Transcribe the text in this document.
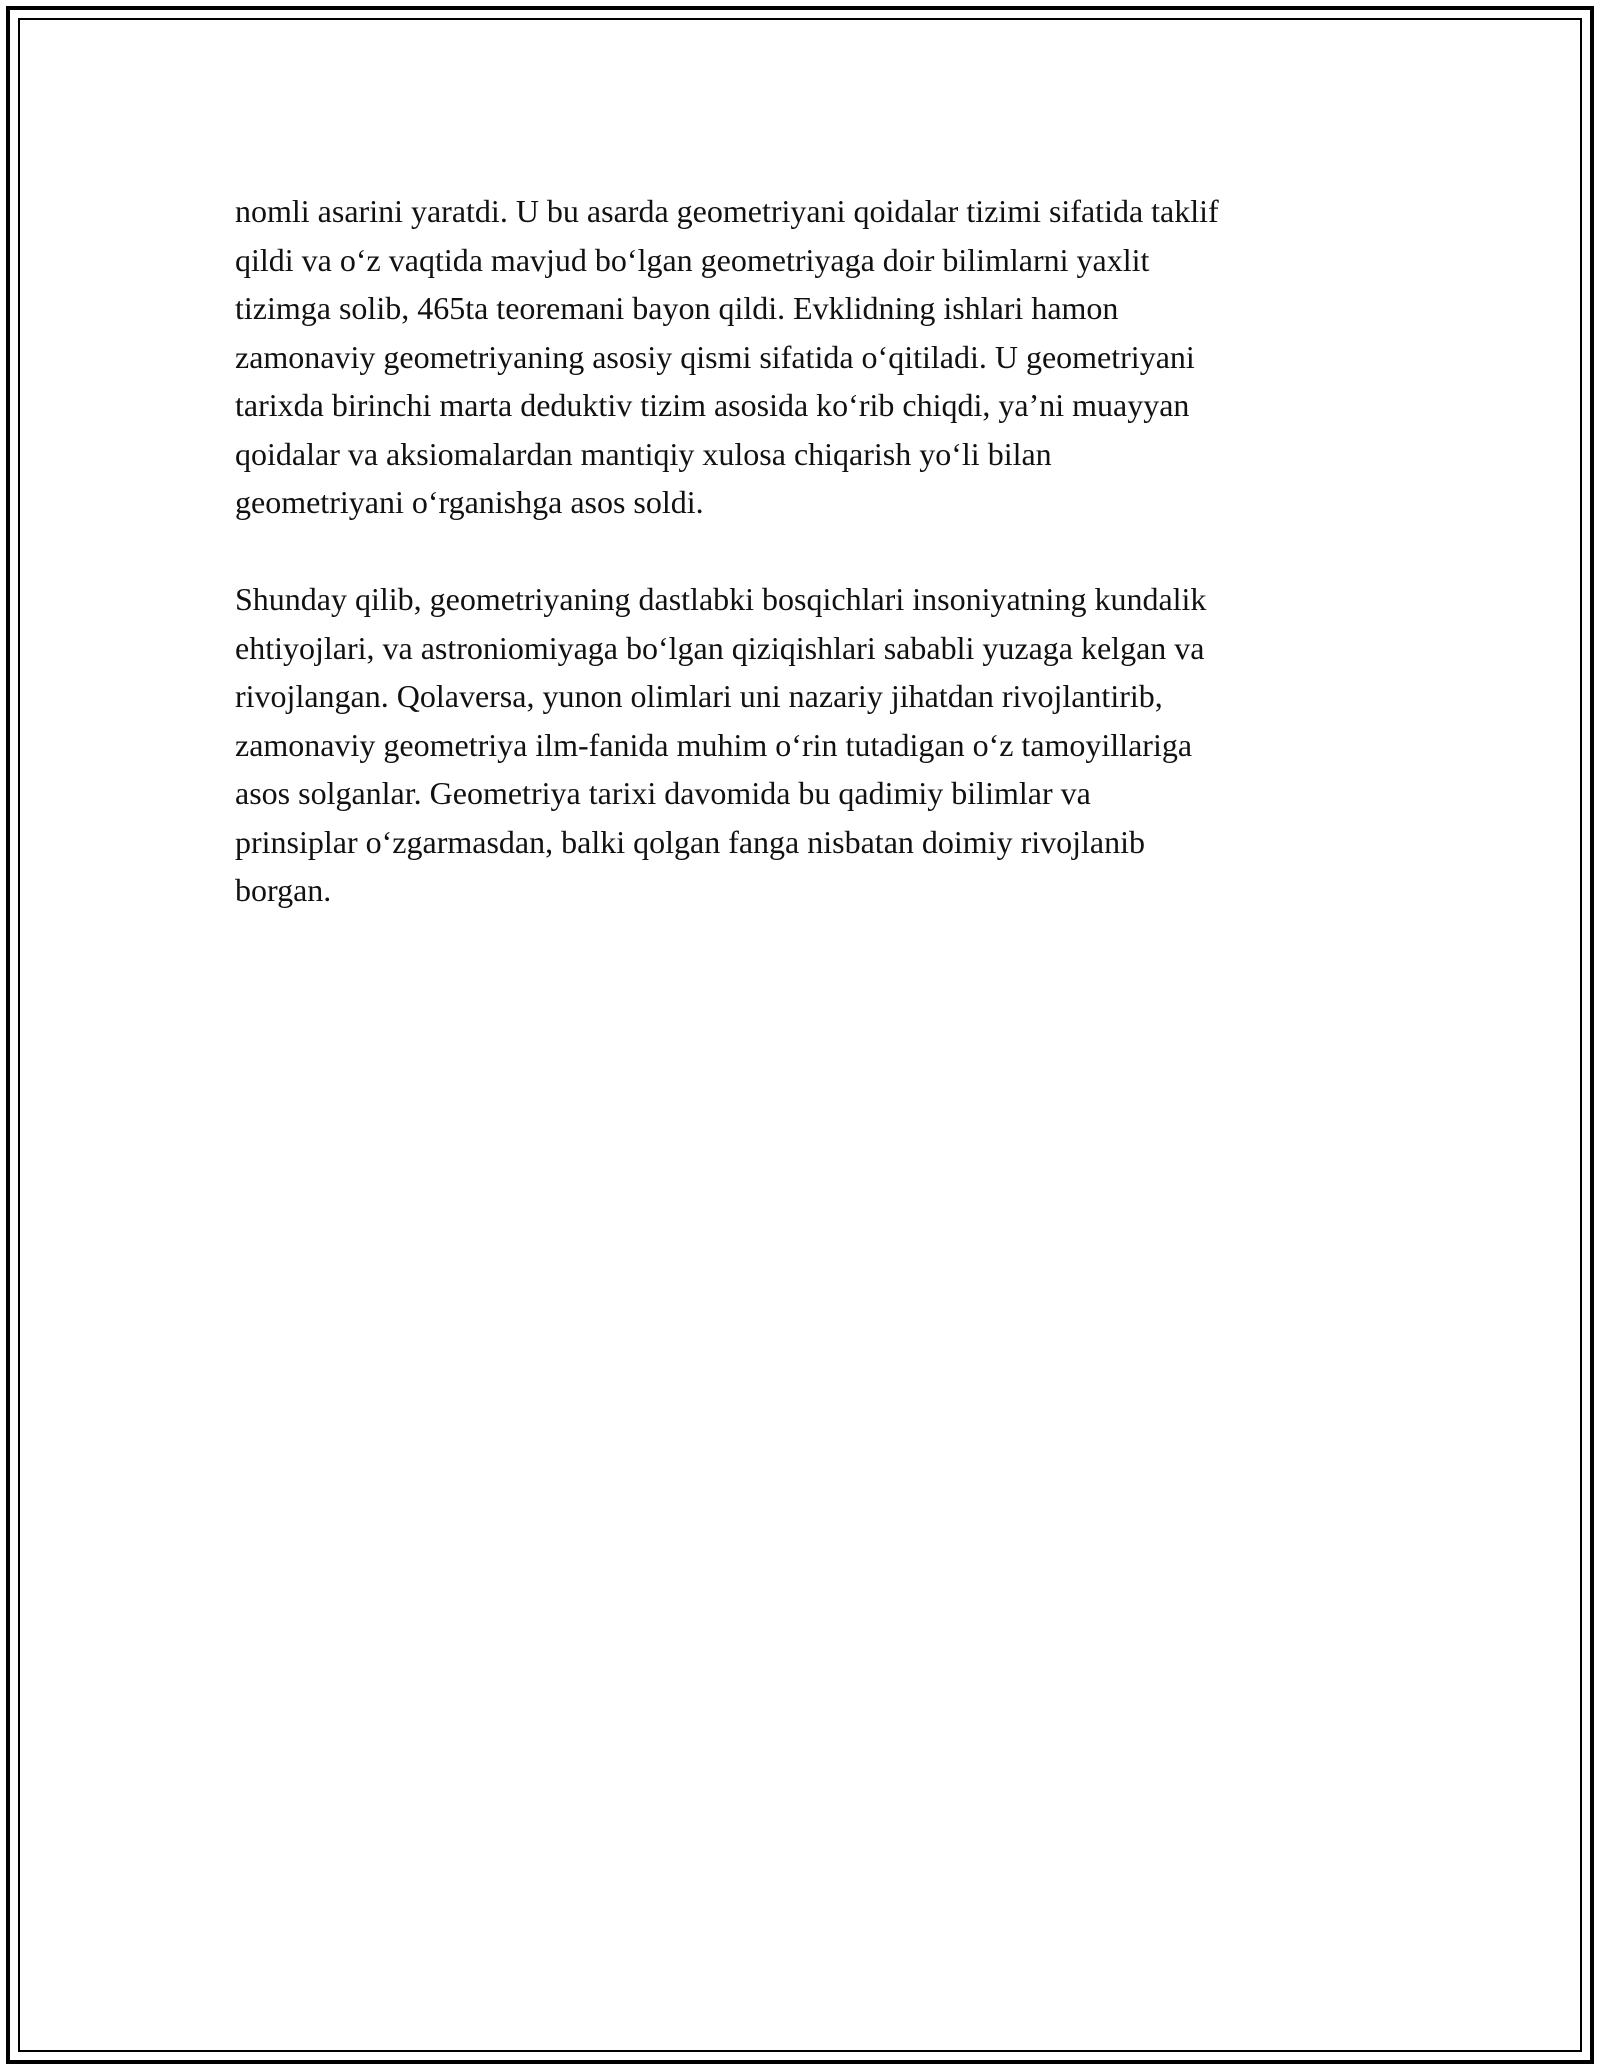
nomli asarini yaratdi. U bu asarda geometriyani qoidalar tizimi sifatida taklif
qildi va o‘z vaqtida mavjud bo‘lgan geometriyaga doir bilimlarni yaxlit
tizimga solib, 465ta teoremani bayon qildi. Evklidning ishlari hamon
zamonaviy geometriyaning asosiy qismi sifatida o‘qitiladi. U geometriyani
tarixda birinchi marta deduktiv tizim asosida ko‘rib chiqdi, ya’ni muayyan
qoidalar va aksiomalardan mantiqiy xulosa chiqarish yo‘li bilan
geometriyani o‘rganishga asos soldi.

Shunday qilib, geometriyaning dastlabki bosqichlari insoniyatning kundalik
ehtiyojlari, va astroniomiyaga bo‘lgan qiziqishlari sababli yuzaga kelgan va
rivojlangan. Qolaversa, yunon olimlari uni nazariy jihatdan rivojlantirib,
zamonaviy geometriya ilm-fanida muhim o‘rin tutadigan o‘z tamoyillariga
asos solganlar. Geometriya tarixi davomida bu qadimiy bilimlar va
prinsiplar o‘zgarmasdan, balki qolgan fanga nisbatan doimiy rivojlanib
borgan.
